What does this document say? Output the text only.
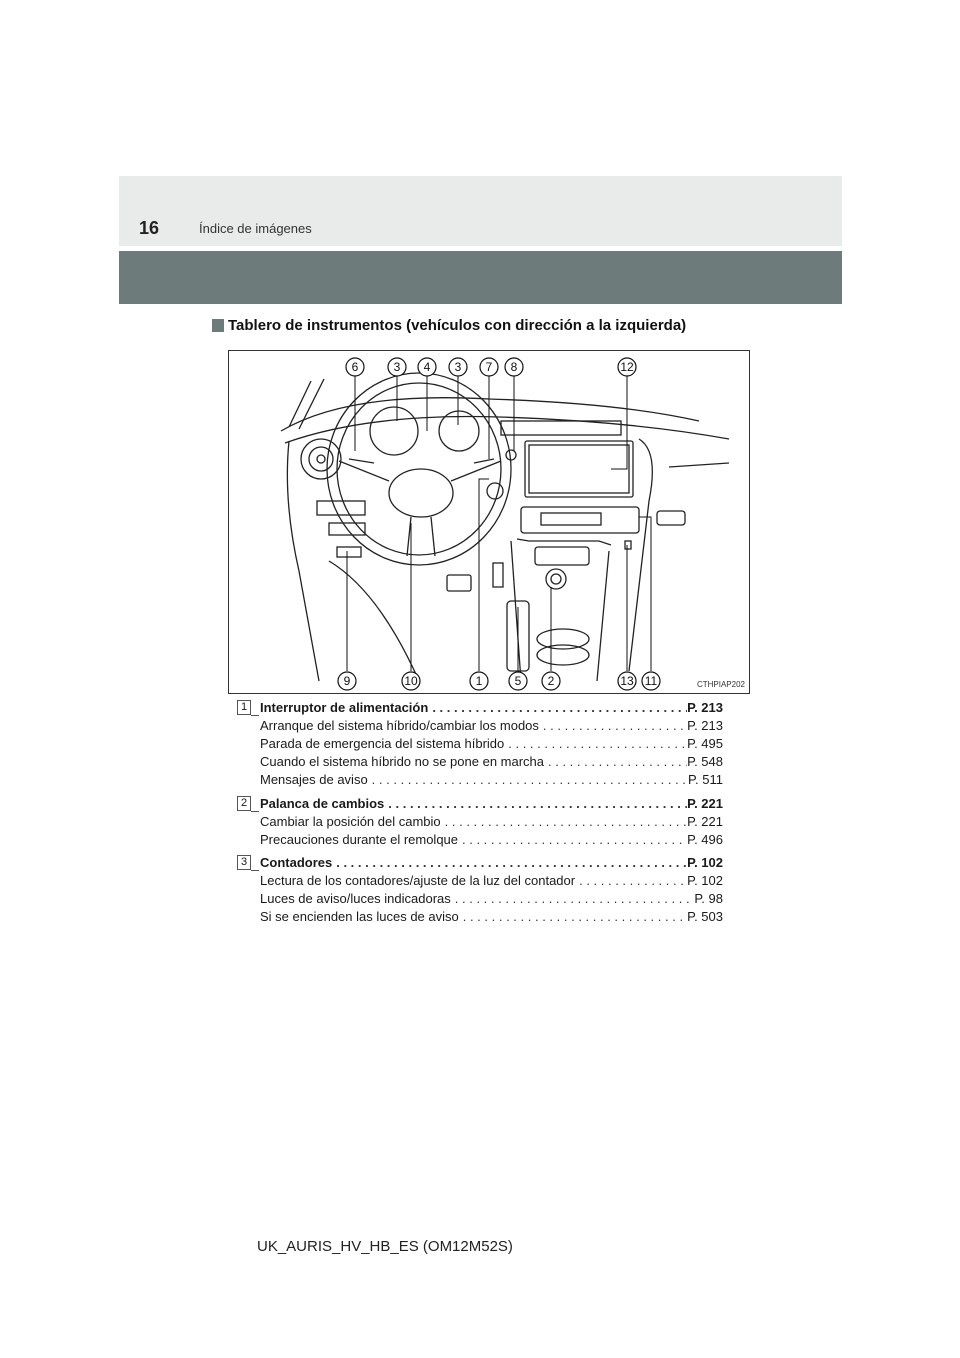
16	Índice de imágenes
Tablero de instrumentos (vehículos con dirección a la izquierda)
6	3 4 3 7 8	12
9	10	1	5 2	13 11	CTHPIAP202
1 Interruptor de alimentación . . .	P. 213
Arranque del sistema híbrido/cambiar los modos . . .	P. 213
Parada de emergencia del sistema híbrido . . .	P. 495
Cuando el sistema híbrido no se pone en marcha . . .	P. 548
Mensajes de aviso . . .	P. 511
2 Palanca de cambios . . .	P. 221
Cambiar la posición del cambio . . .	P. 221
Precauciones durante el remolque . . .	P. 496
3 Contadores . . .	P. 102
Lectura de los contadores/ajuste de la luz del contador . . .	P. 102
Luces de aviso/luces indicadoras . . .	P. 98
Si se encienden las luces de aviso . . .	P. 503
UK_AURIS_HV_HB_ES (OM12M52S)
